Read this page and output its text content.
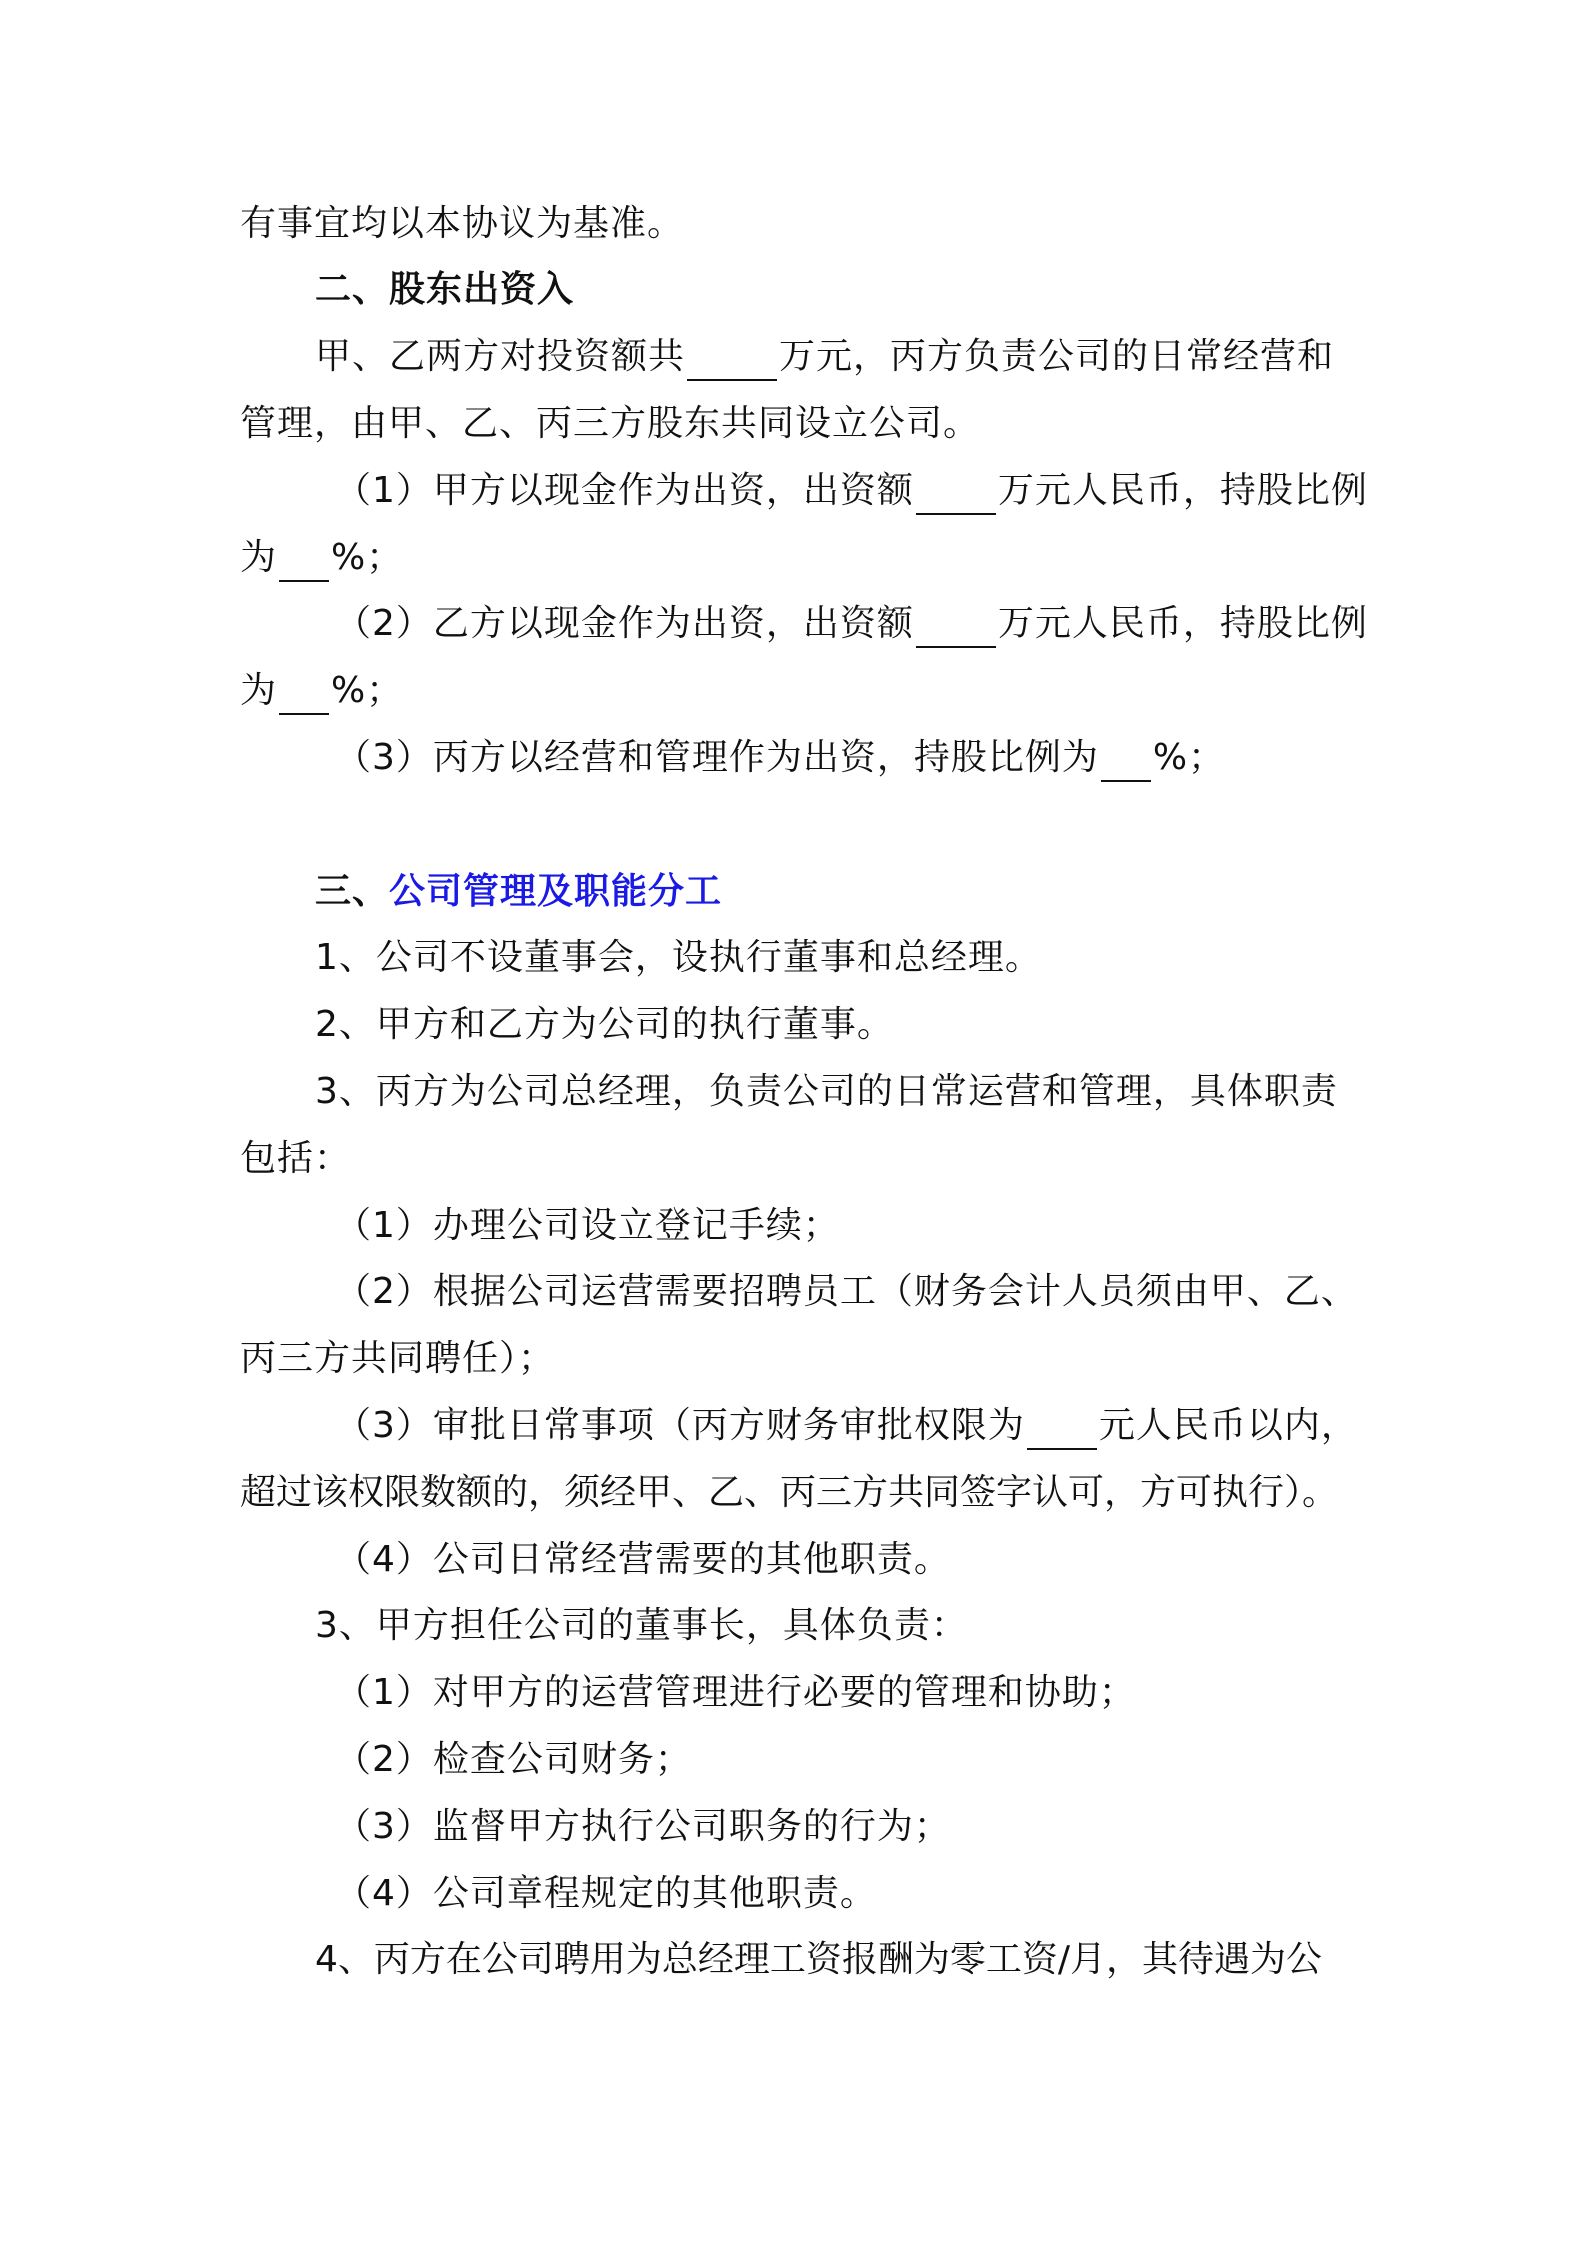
有事宜均以本协议为基准。
二、股东出资入
甲、乙两方对投资额共	万元，丙方负责公司的日常经营和
管理，由甲、乙、丙三方股东共同设立公司。
（1）甲方以现金作为出资，出资额 万元人民币，持股比例
为 %；
（2）乙方以现金作为出资，出资额 万元人民币，持股比例
为 %；
（3）丙方以经营和管理作为出资，持股比例为 %；
三、公司管理及职能分工
1、公司不设董事会，设执行董事和总经理。
2、甲方和乙方为公司的执行董事。
3、丙方为公司总经理，负责公司的日常运营和管理，具体职责
包括：
（1）办理公司设立登记手续；
（2）根据公司运营需要招聘员工（财务会计人员须由甲、乙、
丙三方共同聘任）；
（3）审批日常事项（丙方财务审批权限为 元人民币以内，
超过该权限数额的，须经甲、乙、丙三方共同签字认可，方可执行）。
（4）公司日常经营需要的其他职责。
3、甲方担任公司的董事长，具体负责：
（1）对甲方的运营管理进行必要的管理和协助；
（2）检查公司财务；
（3）监督甲方执行公司职务的行为；
（4）公司章程规定的其他职责。
4、丙方在公司聘用为总经理工资报酬为零工资/月，其待遇为公
